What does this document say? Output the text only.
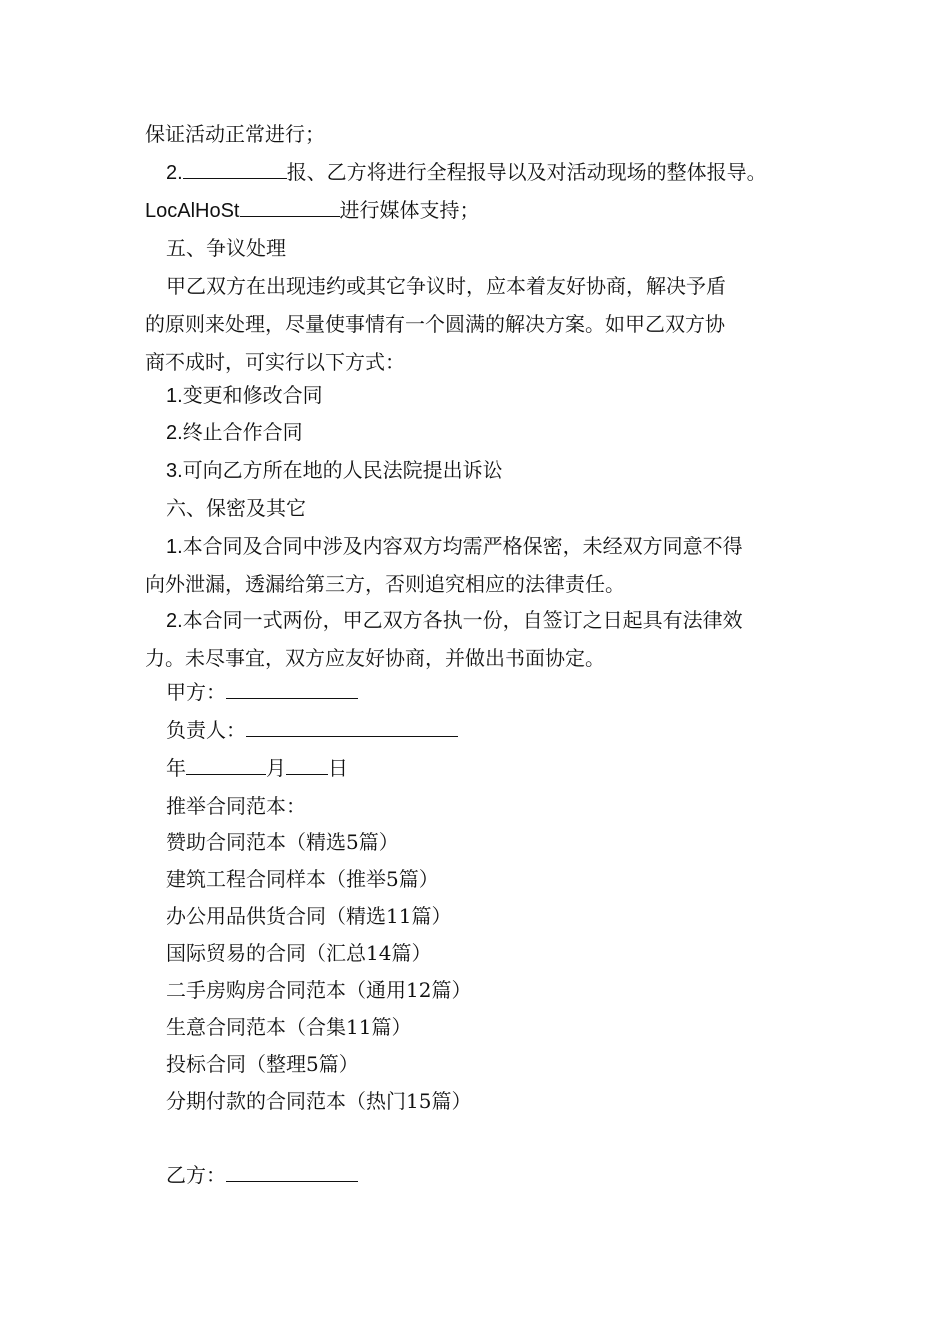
保证活动正常进行；
2.	报、乙方将进行全程报导以及对活动现场的整体报导。
LocAlHoSt	进行媒体支持；
五、争议处理
甲乙双方在出现违约或其它争议时，应本着友好协商，解决予盾
的原则来处理，尽量使事情有一个圆满的解决方案。如甲乙双方协
商不成时，可实行以下方式：
1.变更和修改合同
2.终止合作合同
3.可向乙方所在地的人民法院提出诉讼
六、保密及其它
1.本合同及合同中涉及内容双方均需严格保密，未经双方同意不得
向外泄漏，透漏给第三方，否则追究相应的法律责任。
2.本合同一式两份，甲乙双方各执一份，自签订之日起具有法律效
力。未尽事宜，双方应友好协商，并做出书面协定。
甲方：
负责人：
年	月 日
推举合同范本：
赞助合同范本（精选5篇）
建筑工程合同样本（推举5篇）
办公用品供货合同（精选11篇）
国际贸易的合同（汇总14篇）
二手房购房合同范本（通用12篇）
生意合同范本（合集11篇）
投标合同（整理5篇）
分期付款的合同范本（热门15篇）
乙方：
